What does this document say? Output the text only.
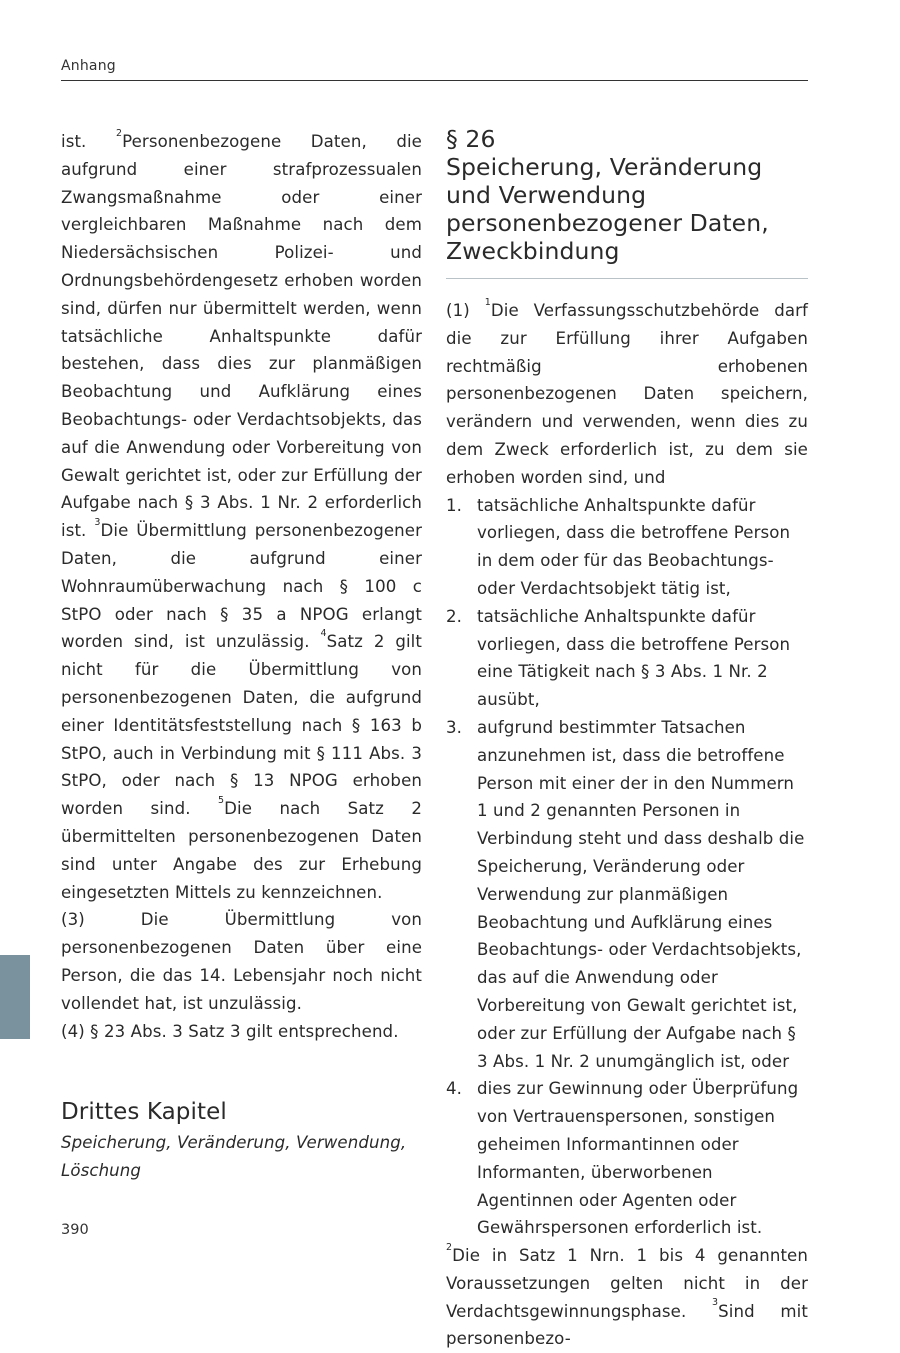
Anhang

ist. $^2$Personenbezogene Daten, die aufgrund einer strafprozessualen Zwangsmaßnahme oder einer vergleichbaren Maßnahme nach dem Niedersächsischen Polizei- und Ordnungsbehördengesetz erhoben worden sind, dürfen nur übermittelt werden, wenn tatsächliche Anhaltspunkte dafür bestehen, dass dies zur planmäßigen Beobachtung und Aufklärung eines Beobachtungs- oder Verdachtsobjekts, das auf die Anwendung oder Vorbereitung von Gewalt gerichtet ist, oder zur Erfüllung der Aufgabe nach § 3 Abs. 1 Nr. 2 erforderlich ist. $^3$Die Übermittlung personenbezogener Daten, die aufgrund einer Wohnraumüberwachung nach § 100 c StPO oder nach § 35 a NPOG erlangt worden sind, ist unzulässig. $^4$Satz 2 gilt nicht für die Übermittlung von personenbezogenen Daten, die aufgrund einer Identitätsfeststellung nach § 163 b StPO, auch in Verbindung mit § 111 Abs. 3 StPO, oder nach § 13 NPOG erhoben worden sind. $^5$Die nach Satz 2 übermittelten personenbezogenen Daten sind unter Angabe des zur Erhebung eingesetzten Mittels zu kennzeichnen.

(3) Die Übermittlung von personenbezogenen Daten über eine Person, die das 14. Lebensjahr noch nicht vollendet hat, ist unzulässig.

(4) § 23 Abs. 3 Satz 3 gilt entsprechend.

Drittes Kapitel
Speicherung, Veränderung, Verwendung, Löschung
§ 26
Speicherung, Veränderung und Verwendung personenbezogener Daten, Zweckbindung

(1) $^1$Die Verfassungsschutzbehörde darf die zur Erfüllung ihrer Aufgaben rechtmäßig erhobenen personenbezogenen Daten speichern, verändern und verwenden, wenn dies zu dem Zweck erforderlich ist, zu dem sie erhoben worden sind, und

1. tatsächliche Anhaltspunkte dafür vorliegen, dass die betroffene Person in dem oder für das Beobachtungs- oder Verdachtsobjekt tätig ist,
2. tatsächliche Anhaltspunkte dafür vorliegen, dass die betroffene Person eine Tätigkeit nach § 3 Abs. 1 Nr. 2 ausübt,
3. aufgrund bestimmter Tatsachen anzunehmen ist, dass die betroffene Person mit einer der in den Nummern 1 und 2 genannten Personen in Verbindung steht und dass deshalb die Speicherung, Veränderung oder Verwendung zur planmäßigen Beobachtung und Aufklärung eines Beobachtungs- oder Verdachtsobjekts, das auf die Anwendung oder Vorbereitung von Gewalt gerichtet ist, oder zur Erfüllung der Aufgabe nach § 3 Abs. 1 Nr. 2 unumgänglich ist, oder
4. dies zur Gewinnung oder Überprüfung von Vertrauenspersonen, sonstigen geheimen Informantinnen oder Informanten, überworbenen Agentinnen oder Agenten oder Gewährspersonen erforderlich ist.

$^2$Die in Satz 1 Nrn. 1 bis 4 genannten Voraussetzungen gelten nicht in der Verdachtsgewinnungsphase. $^3$Sind mit personenbezo-

390
